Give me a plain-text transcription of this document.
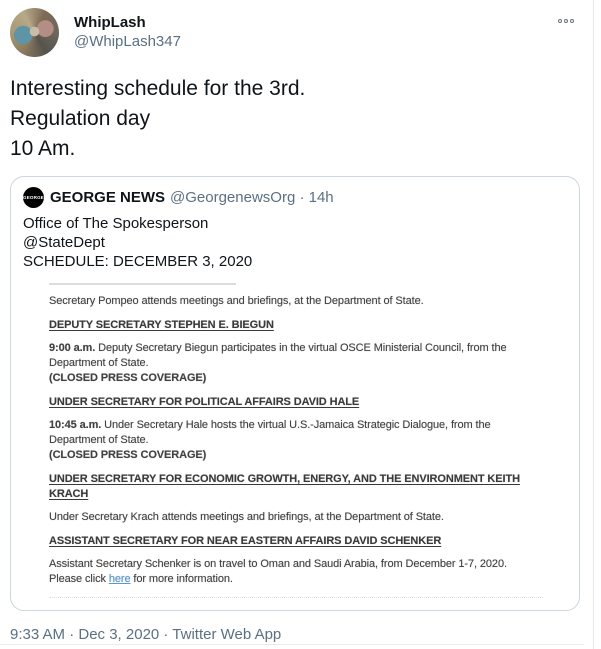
WhipLash
@WhipLash347
Interesting schedule for the 3rd.
Regulation day
10 Am.
GEORGE GEORGE NEWS @GeorgenewsOrg · 14h
Office of The Spokesperson
@StateDept
SCHEDULE: DECEMBER 3, 2020

Secretary Pompeo attends meetings and briefings, at the Department of State.

DEPUTY SECRETARY STEPHEN E. BIEGUN

9:00 a.m. Deputy Secretary Biegun participates in the virtual OSCE Ministerial Council, from the
Department of State.

(CLOSED PRESS COVERAGE)

UNDER SECRETARY FOR POLITICAL AFFAIRS DAVID HALE

10:45 a.m. Under Secretary Hale hosts the virtual U.S.-Jamaica Strategic Dialogue, from the
Department of State.

(CLOSED PRESS COVERAGE)

UNDER SECRETARY FOR ECONOMIC GROWTH, ENERGY, AND THE ENVIRONMENT KEITH
KRACH

Under Secretary Krach attends meetings and briefings, at the Department of State.

ASSISTANT SECRETARY FOR NEAR EASTERN AFFAIRS DAVID SCHENKER

Assistant Secretary Schenker is on travel to Oman and Saudi Arabia, from December 1-7, 2020.
Please click here for more information.

9:33 AM · Dec 3, 2020 · Twitter Web App
